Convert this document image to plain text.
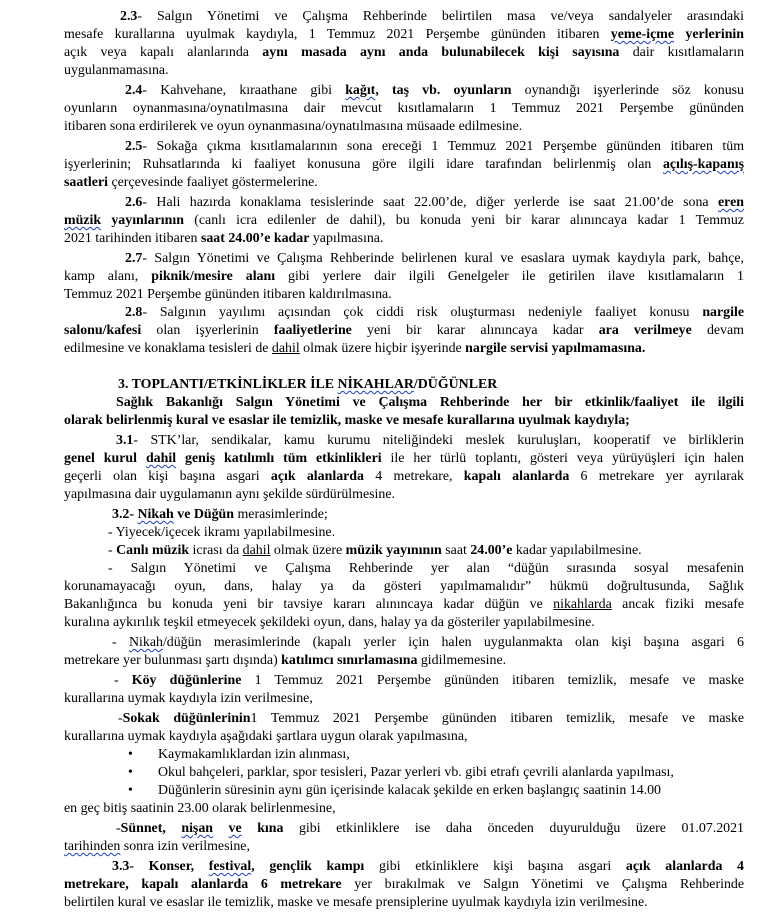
2.3- Salgın Yönetimi ve Çalışma Rehberinde belirtilen masa ve/veya sandalyeler arasındaki
mesafe kurallarına uyulmak kaydıyla, 1 Temmuz 2021 Perşembe gününden itibaren yeme-içme yerlerinin
açık veya kapalı alanlarında aynı masada aynı anda bulunabilecek kişi sayısına dair kısıtlamaların
uygulanmamasına.
2.4- Kahvehane, kıraathane gibi kağıt, taş vb. oyunların oynandığı işyerlerinde söz konusu
oyunların oynanmasına/oynatılmasına dair mevcut kısıtlamaların 1 Temmuz 2021 Perşembe gününden
itibaren sona erdirilerek ve oyun oynanmasına/oynatılmasına müsaade edilmesine.
2.5- Sokağa çıkma kısıtlamalarının sona ereceği 1 Temmuz 2021 Perşembe gününden itibaren tüm
işyerlerinin; Ruhsatlarında ki faaliyet konusuna göre ilgili idare tarafından belirlenmiş olan açılış-kapanış
saatleri çerçevesinde faaliyet göstermelerine.
2.6- Hali hazırda konaklama tesislerinde saat 22.00’de, diğer yerlerde ise saat 21.00’de sona eren
müzik yayınlarının (canlı icra edilenler de dahil), bu konuda yeni bir karar alınıncaya kadar 1 Temmuz
2021 tarihinden itibaren saat 24.00’e kadar yapılmasına.
2.7- Salgın Yönetimi ve Çalışma Rehberinde belirlenen kural ve esaslara uymak kaydıyla park, bahçe,
kamp alanı, piknik/mesire alanı gibi yerlere dair ilgili Genelgeler ile getirilen ilave kısıtlamaların 1
Temmuz 2021 Perşembe gününden itibaren kaldırılmasına.
2.8- Salgının yayılımı açısından çok ciddi risk oluşturması nedeniyle faaliyet konusu nargile
salonu/kafesi olan işyerlerinin faaliyetlerine yeni bir karar alınıncaya kadar ara verilmeye devam
edilmesine ve konaklama tesisleri de dahil olmak üzere hiçbir işyerinde nargile servisi yapılmamasına.
3. TOPLANTI/ETKİNLİKLER İLE NİKAHLAR/DÜĞÜNLER
Sağlık Bakanlığı Salgın Yönetimi ve Çalışma Rehberinde her bir etkinlik/faaliyet ile ilgili
olarak belirlenmiş kural ve esaslar ile temizlik, maske ve mesafe kurallarına uyulmak kaydıyla;
3.1- STK’lar, sendikalar, kamu kurumu niteliğindeki meslek kuruluşları, kooperatif ve birliklerin
genel kurul dahil geniş katılımlı tüm etkinlikleri ile her türlü toplantı, gösteri veya yürüyüşleri için halen
geçerli olan kişi başına asgari açık alanlarda 4 metrekare, kapalı alanlarda 6 metrekare yer ayrılarak
yapılmasına dair uygulamanın aynı şekilde sürdürülmesine.
3.2- Nikah ve Düğün merasimlerinde;
- Yiyecek/içecek ikramı yapılabilmesine.
- Canlı müzik icrası da dahil olmak üzere müzik yayınının saat 24.00’e kadar yapılabilmesine.
- Salgın Yönetimi ve Çalışma Rehberinde yer alan “düğün sırasında sosyal mesafenin
korunamayacağı oyun, dans, halay ya da gösteri yapılmamalıdır” hükmü doğrultusunda, Sağlık
Bakanlığınca bu konuda yeni bir tavsiye kararı alınıncaya kadar düğün ve nikahlarda ancak fiziki mesafe
kuralına aykırılık teşkil etmeyecek şekildeki oyun, dans, halay ya da gösteriler yapılabilmesine.
- Nikah/düğün merasimlerinde (kapalı yerler için halen uygulanmakta olan kişi başına asgari 6
metrekare yer bulunması şartı dışında) katılımcı sınırlamasına gidilmemesine.
- Köy düğünlerine 1 Temmuz 2021 Perşembe gününden itibaren temizlik, mesafe ve maske
kurallarına uymak kaydıyla izin verilmesine,
-Sokak düğünlerinin1 Temmuz 2021 Perşembe gününden itibaren temizlik, mesafe ve maske
kurallarına uymak kaydıyla aşağıdaki şartlara uygun olarak yapılmasına,
• Kaymakamlıklardan izin alınması,
• Okul bahçeleri, parklar, spor tesisleri, Pazar yerleri vb. gibi etrafı çevrili alanlarda yapılması,
• Düğünlerin süresinin aynı gün içerisinde kalacak şekilde en erken başlangıç saatinin 14.00
en geç bitiş saatinin 23.00 olarak belirlenmesine,
-Sünnet, nişan ve kına gibi etkinliklere ise daha önceden duyurulduğu üzere 01.07.2021
tarihinden sonra izin verilmesine,
3.3- Konser, festival, gençlik kampı gibi etkinliklere kişi başına asgari açık alanlarda 4
metrekare, kapalı alanlarda 6 metrekare yer bırakılmak ve Salgın Yönetimi ve Çalışma Rehberinde
belirtilen kural ve esaslar ile temizlik, maske ve mesafe prensiplerine uyulmak kaydıyla izin verilmesine.
